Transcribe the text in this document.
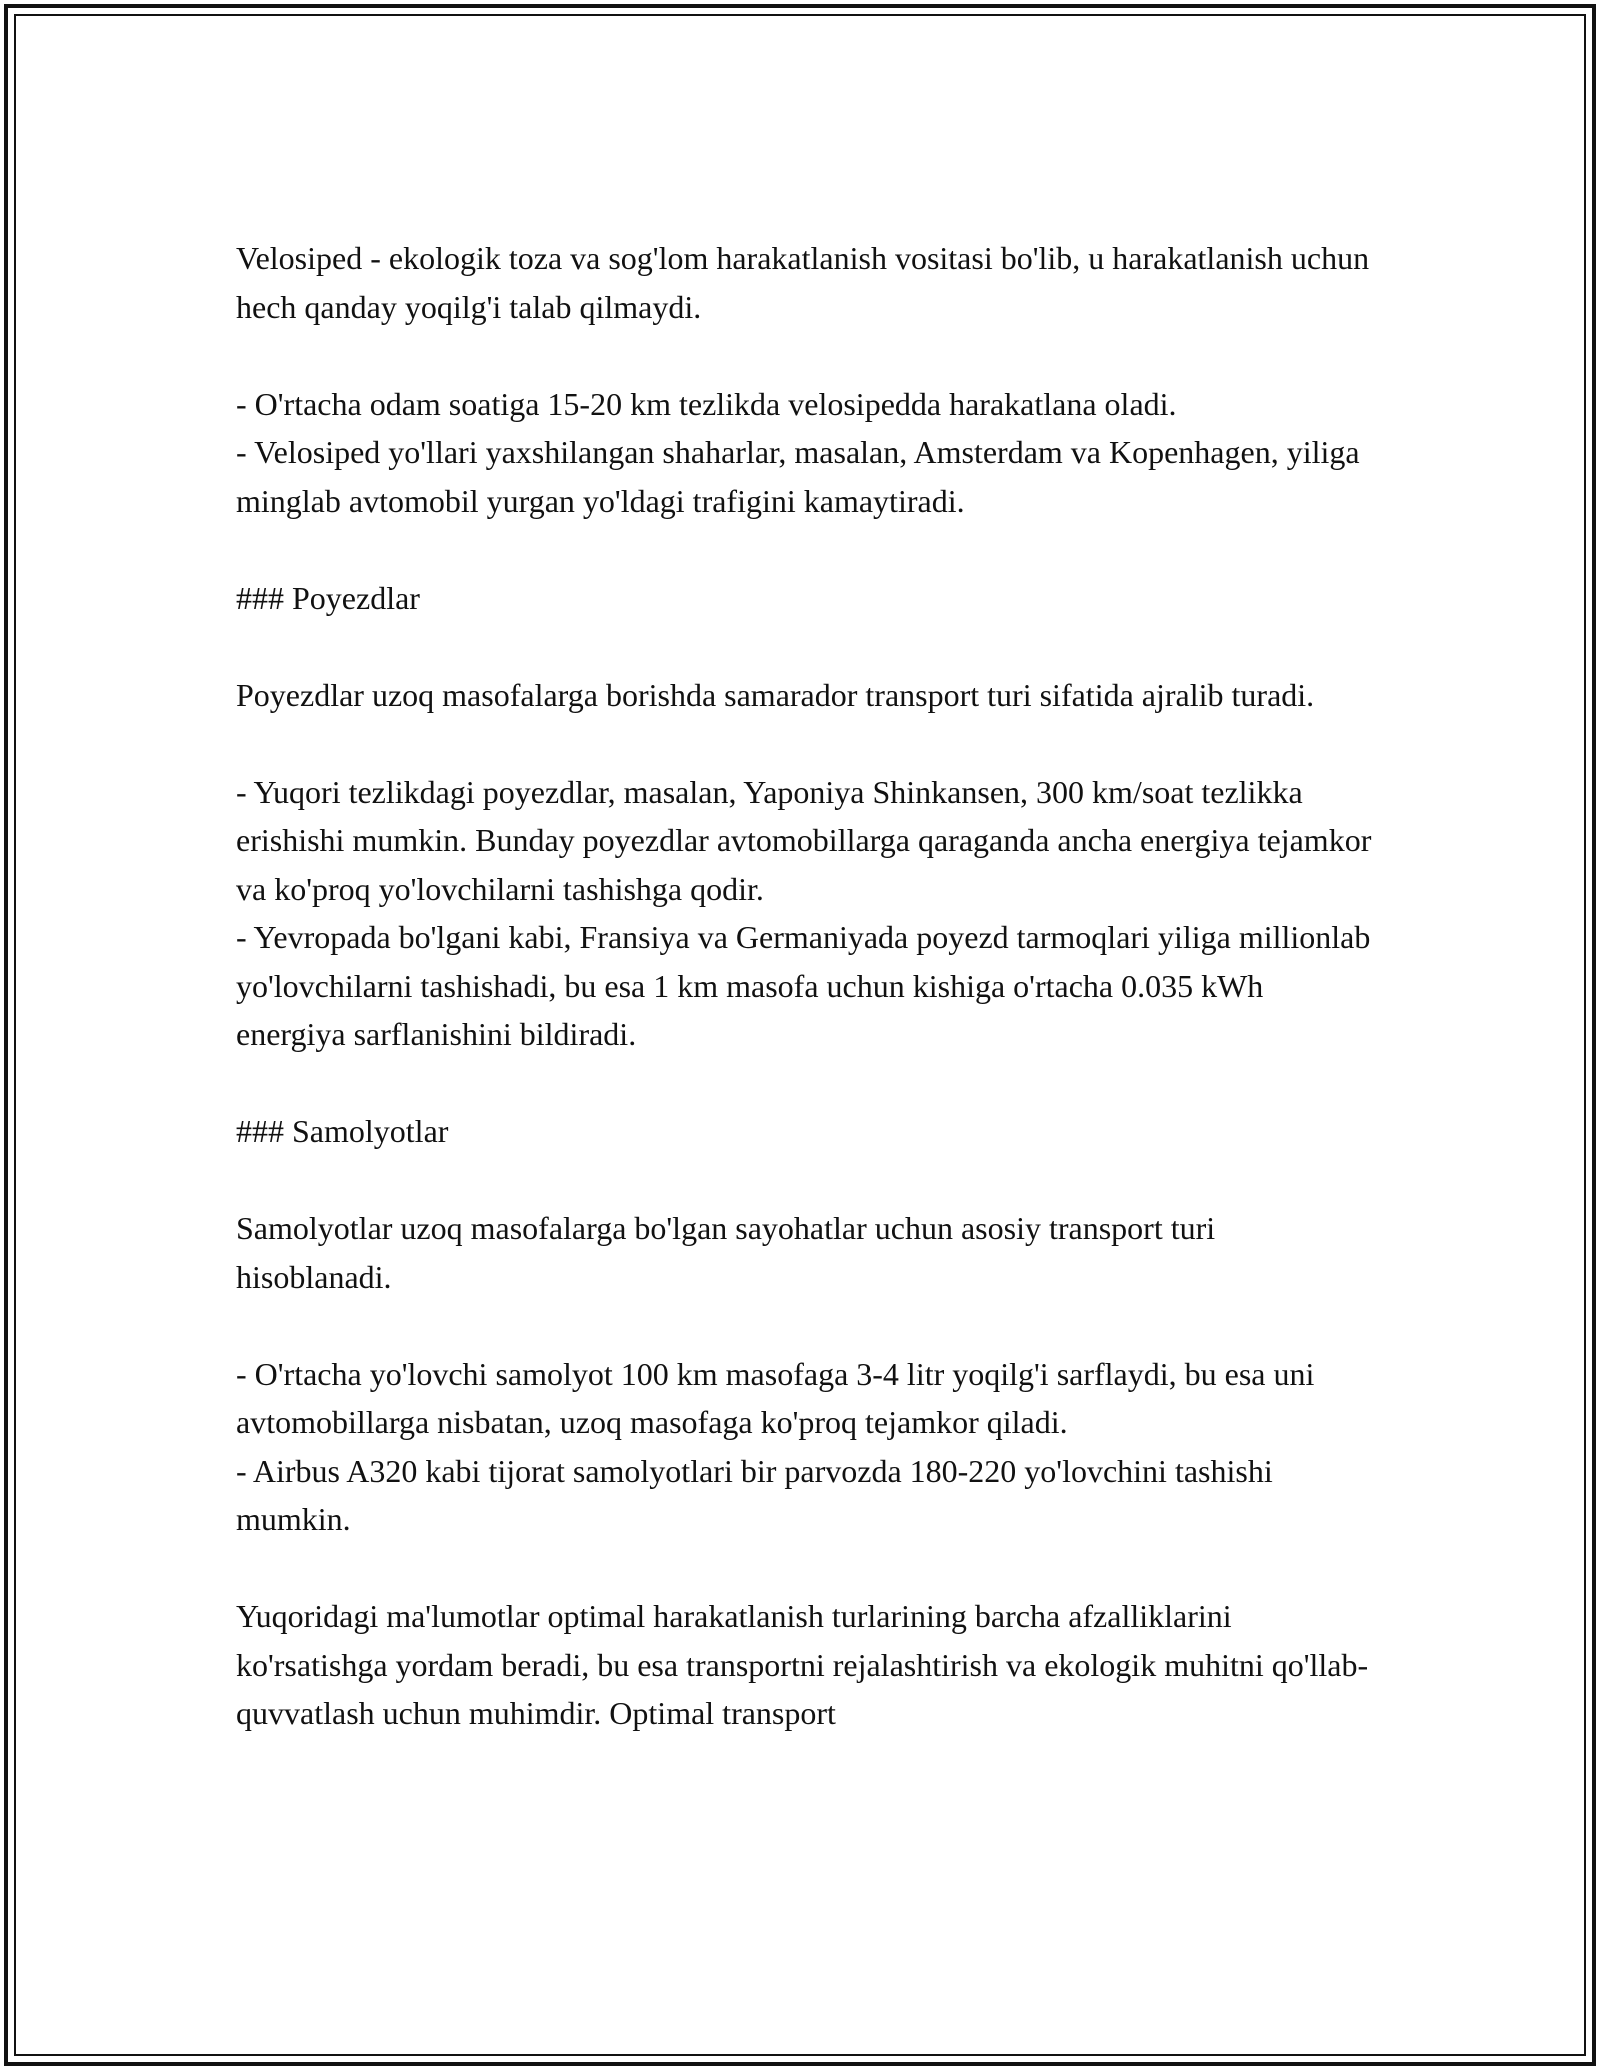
Velosiped - ekologik toza va sog'lom harakatlanish vositasi bo'lib, u harakatlanish uchun hech qanday yoqilg'i talab qilmaydi.

- O'rtacha odam soatiga 15-20 km tezlikda velosipedda harakatlana oladi.

- Velosiped yo'llari yaxshilangan shaharlar, masalan, Amsterdam va Kopenhagen, yiliga minglab avtomobil yurgan yo'ldagi trafigini kamaytiradi.

### Poyezdlar

Poyezdlar uzoq masofalarga borishda samarador transport turi sifatida ajralib turadi.

- Yuqori tezlikdagi poyezdlar, masalan, Yaponiya Shinkansen, 300 km/soat tezlikka erishishi mumkin. Bunday poyezdlar avtomobillarga qaraganda ancha energiya tejamkor va ko'proq yo'lovchilarni tashishga qodir.

- Yevropada bo'lgani kabi, Fransiya va Germaniyada poyezd tarmoqlari yiliga millionlab yo'lovchilarni tashishadi, bu esa 1 km masofa uchun kishiga o'rtacha 0.035 kWh energiya sarflanishini bildiradi.

### Samolyotlar

Samolyotlar uzoq masofalarga bo'lgan sayohatlar uchun asosiy transport turi hisoblanadi.

- O'rtacha yo'lovchi samolyot 100 km masofaga 3-4 litr yoqilg'i sarflaydi, bu esa uni avtomobillarga nisbatan, uzoq masofaga ko'proq tejamkor qiladi.

- Airbus A320 kabi tijorat samolyotlari bir parvozda 180-220 yo'lovchini tashishi mumkin.

Yuqoridagi ma'lumotlar optimal harakatlanish turlarining barcha afzalliklarini ko'rsatishga yordam beradi, bu esa transportni rejalashtirish va ekologik muhitni qo'llab-quvvatlash uchun muhimdir. Optimal transport
